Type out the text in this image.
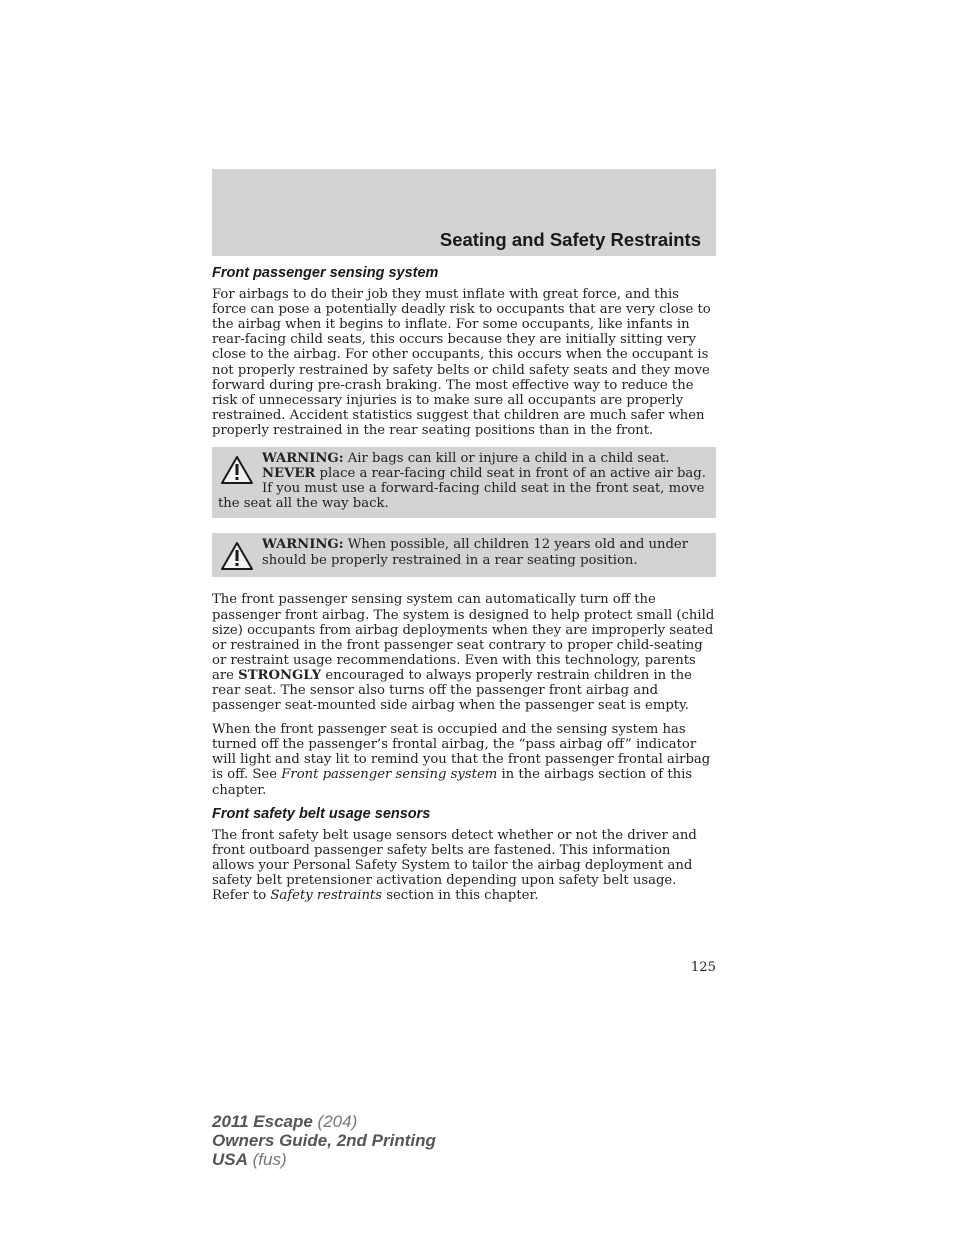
Seating and Safety Restraints
Front passenger sensing system

For airbags to do their job they must inflate with great force, and this force can pose a potentially deadly risk to occupants that are very close to the airbag when it begins to inflate. For some occupants, like infants in rear-facing child seats, this occurs because they are initially sitting very close to the airbag. For other occupants, this occurs when the occupant is not properly restrained by safety belts or child safety seats and they move forward during pre-crash braking. The most effective way to reduce the risk of unnecessary injuries is to make sure all occupants are properly restrained. Accident statistics suggest that children are much safer when properly restrained in the rear seating positions than in the front.

WARNING: Air bags can kill or injure a child in a child seat. NEVER place a rear-facing child seat in front of an active air bag. If you must use a forward-facing child seat in the front seat, move the seat all the way back.

WARNING: When possible, all children 12 years old and under should be properly restrained in a rear seating position.

The front passenger sensing system can automatically turn off the passenger front airbag. The system is designed to help protect small (child size) occupants from airbag deployments when they are improperly seated or restrained in the front passenger seat contrary to proper child-seating or restraint usage recommendations. Even with this technology, parents are STRONGLY encouraged to always properly restrain children in the rear seat. The sensor also turns off the passenger front airbag and passenger seat-mounted side airbag when the passenger seat is empty.

When the front passenger seat is occupied and the sensing system has turned off the passenger’s frontal airbag, the “pass airbag off” indicator will light and stay lit to remind you that the front passenger frontal airbag is off. See Front passenger sensing system in the airbags section of this chapter.

Front safety belt usage sensors

The front safety belt usage sensors detect whether or not the driver and front outboard passenger safety belts are fastened. This information allows your Personal Safety System to tailor the airbag deployment and safety belt pretensioner activation depending upon safety belt usage. Refer to Safety restraints section in this chapter.

125
2011 Escape (204)
Owners Guide, 2nd Printing
USA (fus)
